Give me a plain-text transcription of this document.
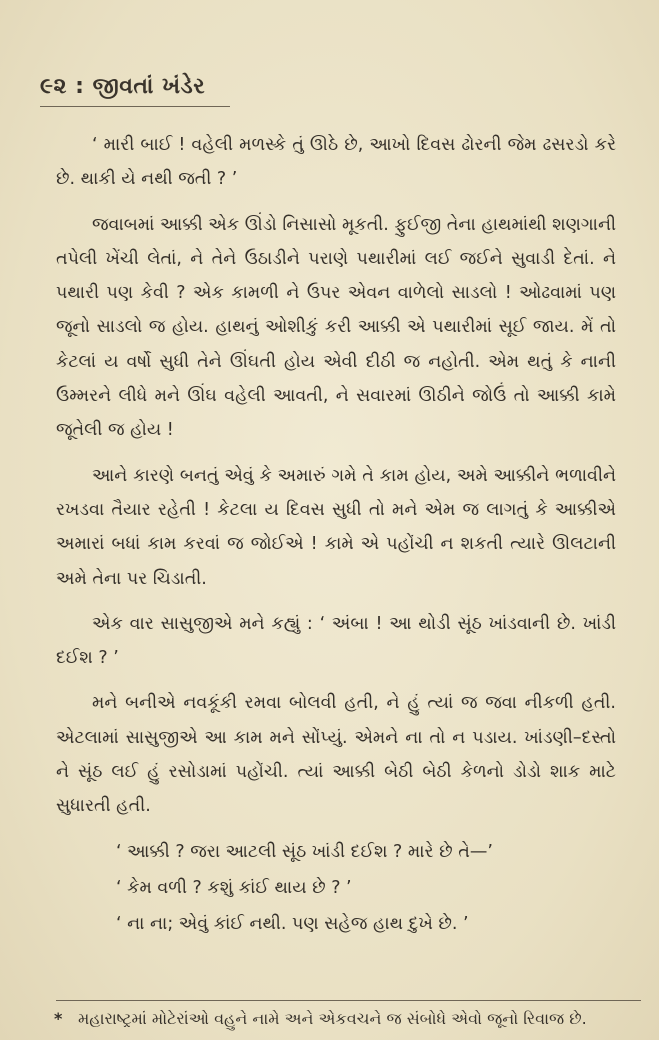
૯૨ : જીવતાં ખંડેર

‘ મારી બાઈ ! વહેલી મળસ્કે તું ઊઠે છે, આખો દિવસ ઢોરની જેમ ઢસરડો કરે છે. થાકી યે નથી જતી ? ’

જવાબમાં આક્કી એક ઊંડો નિસાસો મૂકતી. ફુઈજી તેના હાથમાંથી શણગાની તપેલી ખેંચી લેતાં, ને તેને ઉઠાડીને પરાણે પથારીમાં લઈ જઈને સુવાડી દેતાં. ને પથારી પણ કેવી ? એક કામળી ને ઉપર એવન વાળેલો સાડલો ! ઓઢવામાં પણ જૂનો સાડલો જ હોય. હાથનું ઓશીકું કરી આક્કી એ પથારીમાં સૂઈ જાય. મેં તો કેટલાં ય વર્ષો સુધી તેને ઊંઘતી હોય એવી દીઠી જ નહોતી. એમ થતું કે નાની ઉમ્મરને લીધે મને ઊંઘ વહેલી આવતી, ને સવારમાં ઊઠીને જોઉં તો આક્કી કામે જૂતેલી જ હોય !

આને કારણે બનતું એવું કે અમારું ગમે તે કામ હોય, અમે આક્કીને ભળાવીને રખડવા તૈયાર રહેતી ! કેટલા ય દિવસ સુધી તો મને એમ જ લાગતું કે આક્કીએ અમારાં બધાં કામ કરવાં જ જોઈએ ! કામે એ પહોંચી ન શકતી ત્યારે ઊલટાની અમે તેના પર ચિડાતી.

એક વાર સાસુજીએ મને કહ્યું : ‘ અંબા ! આ થોડી સૂંઠ ખાંડવાની છે. ખાંડી દઈશ ? ’

મને બનીએ નવકૂંકી રમવા બોલવી હતી, ને હું ત્યાં જ જવા નીકળી હતી. એટલામાં સાસુજીએ આ કામ મને સોંપ્યું. એમને ના તો ન પડાય. ખાંડણી–દસ્તો ને સૂંઠ લઈ હું રસોડામાં પહોંચી. ત્યાં આક્કી બેઠી બેઠી કેળનો ડોડો શાક માટે સુધારતી હતી.

‘ આક્કી ? જરા આટલી સૂંઠ ખાંડી દઈશ ? મારે છે તે—’

‘ કેમ વળી ? કશું કાંઈ થાય છે ? ’

‘ ના ના; એવું કાંઈ નથી. પણ સહેજ હાથ દુખે છે. ’

* મહારાષ્ટ્રમાં મોટેરાંઓ વહુને નામે અને એકવચને જ સંબોધે એવો જૂનો રિવાજ છે.
